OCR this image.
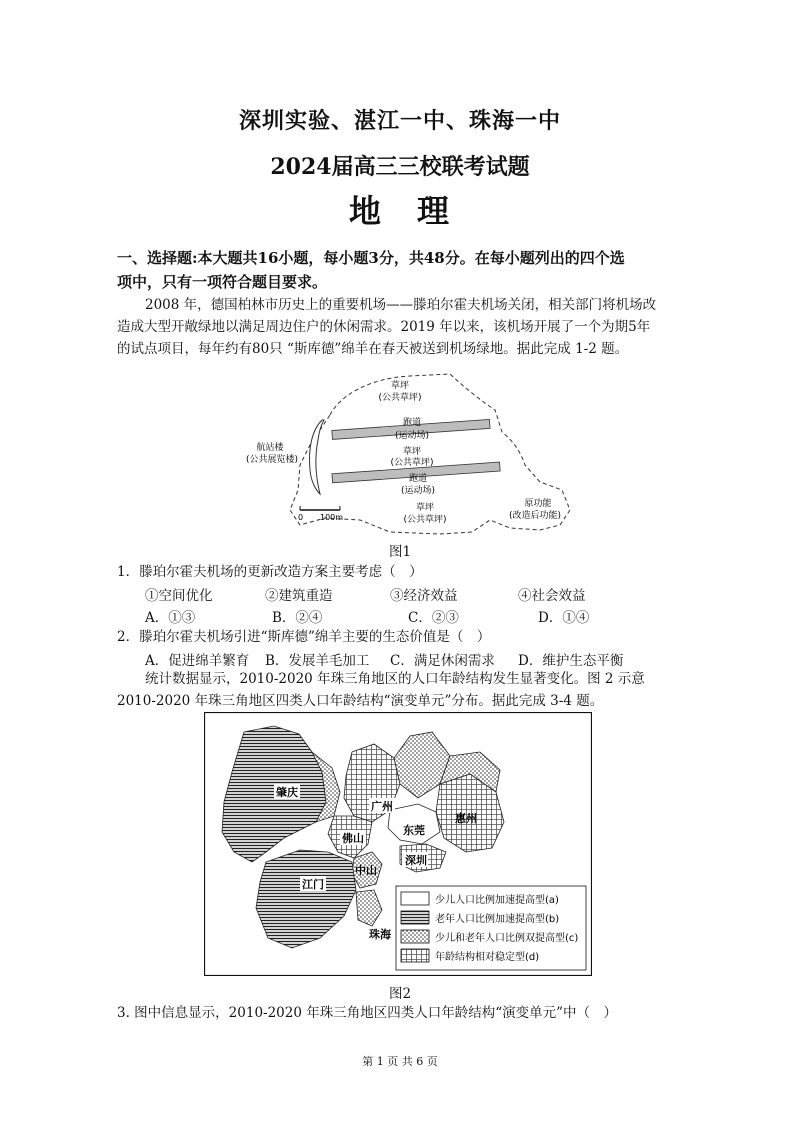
深圳实验、湛江一中、珠海一中
2024届高三三校联考试题
地　理
一、选择题:本大题共16小题，每小题3分，共48分。在每小题列出的四个选
项中，只有一项符合题目要求。
2008 年，德国柏林市历史上的重要机场——滕珀尔霍夫机场关闭，相关部门将机场改
造成大型开敞绿地以满足周边住户的休闲需求。2019 年以来，该机场开展了一个为期5年
的试点项目，每年约有80只 “斯库德”绵羊在春天被送到机场绿地。据此完成 1-2 题。
草坪
(公共草坪)
跑道
(运动场)
草坪
(公共草坪)
跑道
(运动场)
草坪
(公共草坪)
航站楼
(公共展览楼)
原功能
(改造后功能)
0 100m
图1
1．滕珀尔霍夫机场的更新改造方案主要考虑（　）
①空间优化	②建筑重造	③经济效益	④社会效益
A．①③	B．②④	C．②③	D．①④
2．滕珀尔霍夫机场引进“斯库德”绵羊主要的生态价值是（　）
A．促进绵羊繁育 B．发展羊毛加工 C．满足休闲需求 D．维护生态平衡
统计数据显示，2010-2020 年珠三角地区的人口年龄结构发生显著变化。图 2 示意
2010-2020 年珠三角地区四类人口年龄结构“演变单元”分布。据此完成 3-4 题。
肇庆
广州
佛山
惠州
东莞
深圳
中山
江门
珠海
少儿人口比例加速提高型(a)
老年人口比例加速提高型(b)
少儿和老年人口比例双提高型(c)
年龄结构相对稳定型(d)
图2
3. 图中信息显示，2010-2020 年珠三角地区四类人口年龄结构“演变单元”中（　）
第 1 页 共 6 页
